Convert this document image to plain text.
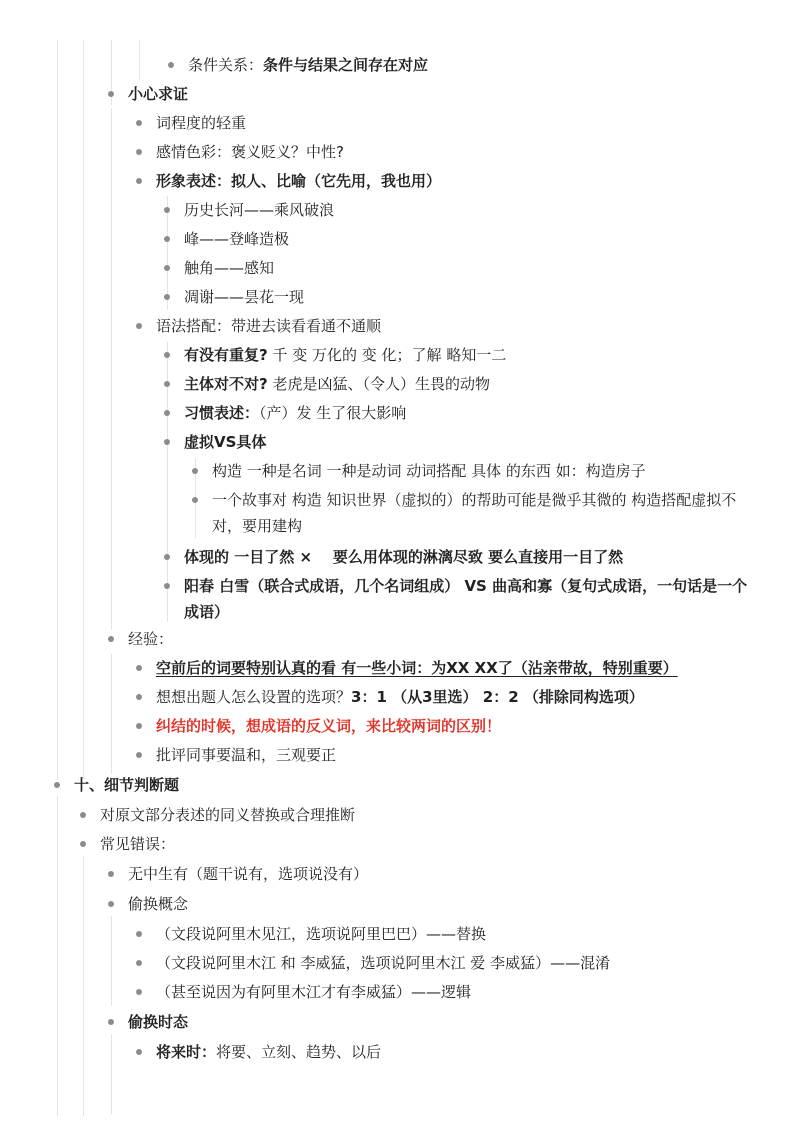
条件关系：条件与结果之间存在对应
小心求证
词程度的轻重
感情色彩：褒义贬义？中性?
形象表述：拟人、比喻（它先用，我也用）
历史长河——乘风破浪
峰——登峰造极
触角——感知
凋谢——昙花一现
语法搭配：带进去读看看通不通顺
有没有重复? 千 变 万化的 变 化；了解 略知一二
主体对不对? 老虎是凶猛、（令人）生畏的动物
习惯表述：（产）发 生了很大影响
虚拟VS具体
构造 一种是名词 一种是动词 动词搭配 具体 的东西 如：构造房子
一个故事对 构造 知识世界（虚拟的）的帮助可能是微乎其微的 构造搭配虚拟不对，要用建构
体现的 一目了然 ×    要么用体现的淋漓尽致 要么直接用一目了然
阳春 白雪（联合式成语，几个名词组成） VS 曲高和寡（复句式成语，一句话是一个成语）
经验：
空前后的词要特别认真的看 有一些小词：为XX XX了（沾亲带故，特别重要）
想想出题人怎么设置的选项？3：1 （从3里选） 2：2 （排除同构选项）
纠结的时候，想成语的反义词，来比较两词的区别！
批评同事要温和，三观要正
十、细节判断题
对原文部分表述的同义替换或合理推断
常见错误：
无中生有（题干说有，选项说没有）
偷换概念
（文段说阿里木见江，选项说阿里巴巴）——替换
（文段说阿里木江 和 李威猛，选项说阿里木江 爱 李威猛）——混淆
（甚至说因为有阿里木江才有李威猛）——逻辑
偷换时态
将来时：将要、立刻、趋势、以后
